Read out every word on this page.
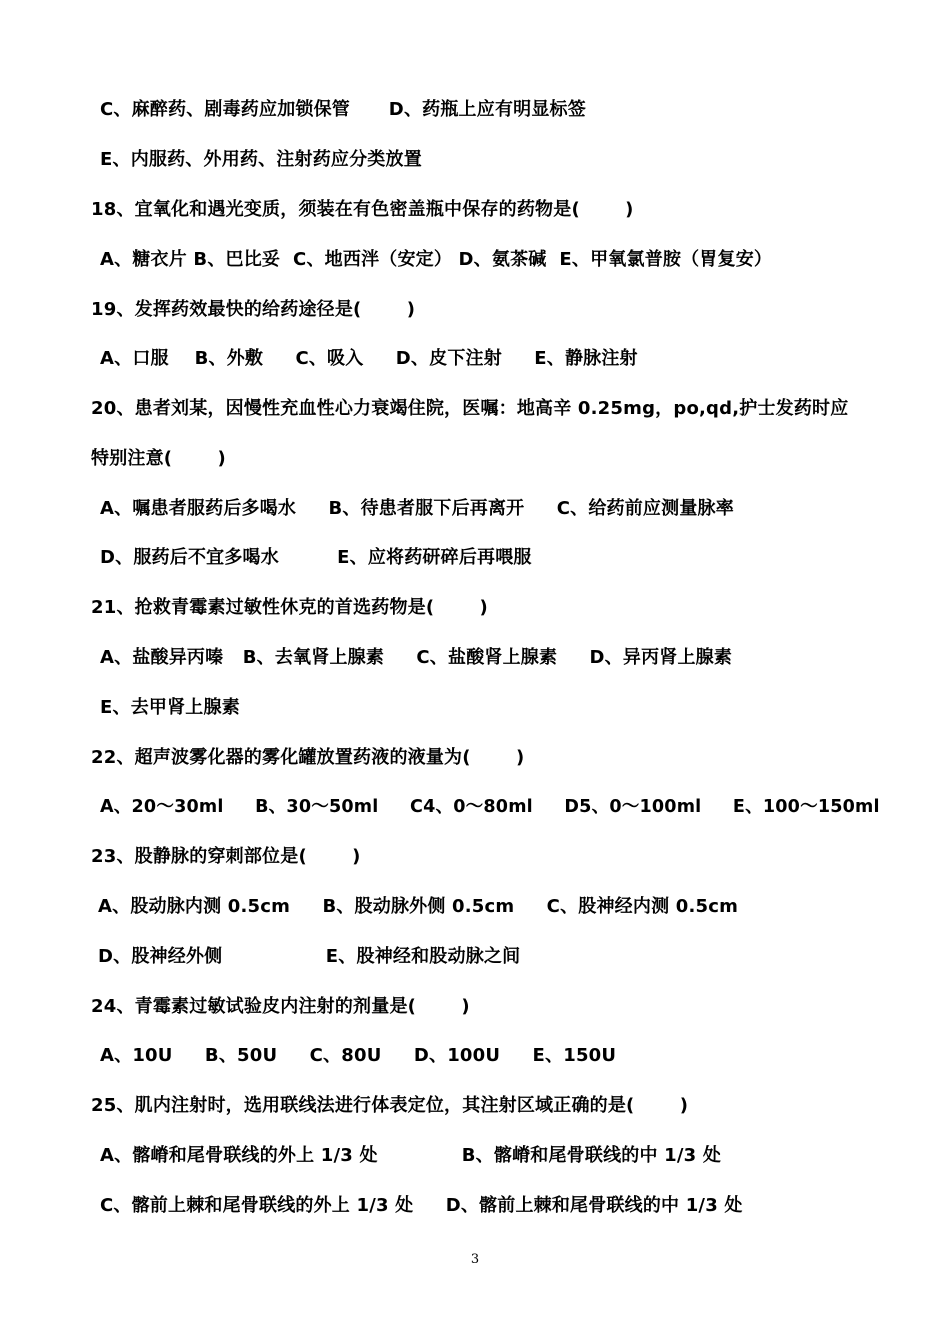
C、麻醉药、剧毒药应加锁保管      D、药瓶上应有明显标签
E、内服药、外用药、注射药应分类放置
18、宜氧化和遇光变质，须装在有色密盖瓶中保存的药物是(       )
A、糖衣片 B、巴比妥  C、地西泮（安定） D、氨茶碱  E、甲氧氯普胺（胃复安）
19、发挥药效最快的给药途径是(       )
A、口服    B、外敷     C、吸入     D、皮下注射     E、静脉注射
20、患者刘某，因慢性充血性心力衰竭住院，医嘱：地高辛 0.25mg，po,qd,护士发药时应
特别注意(       )
A、嘱患者服药后多喝水     B、待患者服下后再离开     C、给药前应测量脉率
D、服药后不宜多喝水         E、应将药研碎后再喂服
21、抢救青霉素过敏性休克的首选药物是(       )
A、盐酸异丙嗪   B、去氧肾上腺素     C、盐酸肾上腺素     D、异丙肾上腺素
E、去甲肾上腺素
22、超声波雾化器的雾化罐放置药液的液量为(       )
A、20～30ml     B、30～50ml     C4、0～80ml     D5、0～100ml     E、100～150ml
23、股静脉的穿刺部位是(       )
A、股动脉内测 0.5cm     B、股动脉外侧 0.5cm     C、股神经内测 0.5cm
D、股神经外侧                E、股神经和股动脉之间
24、青霉素过敏试验皮内注射的剂量是(       )
A、10U     B、50U     C、80U     D、100U     E、150U
25、肌内注射时，选用联线法进行体表定位，其注射区域正确的是(       )
A、髂嵴和尾骨联线的外上 1/3 处             B、髂嵴和尾骨联线的中 1/3 处
C、髂前上棘和尾骨联线的外上 1/3 处     D、髂前上棘和尾骨联线的中 1/3 处
3
